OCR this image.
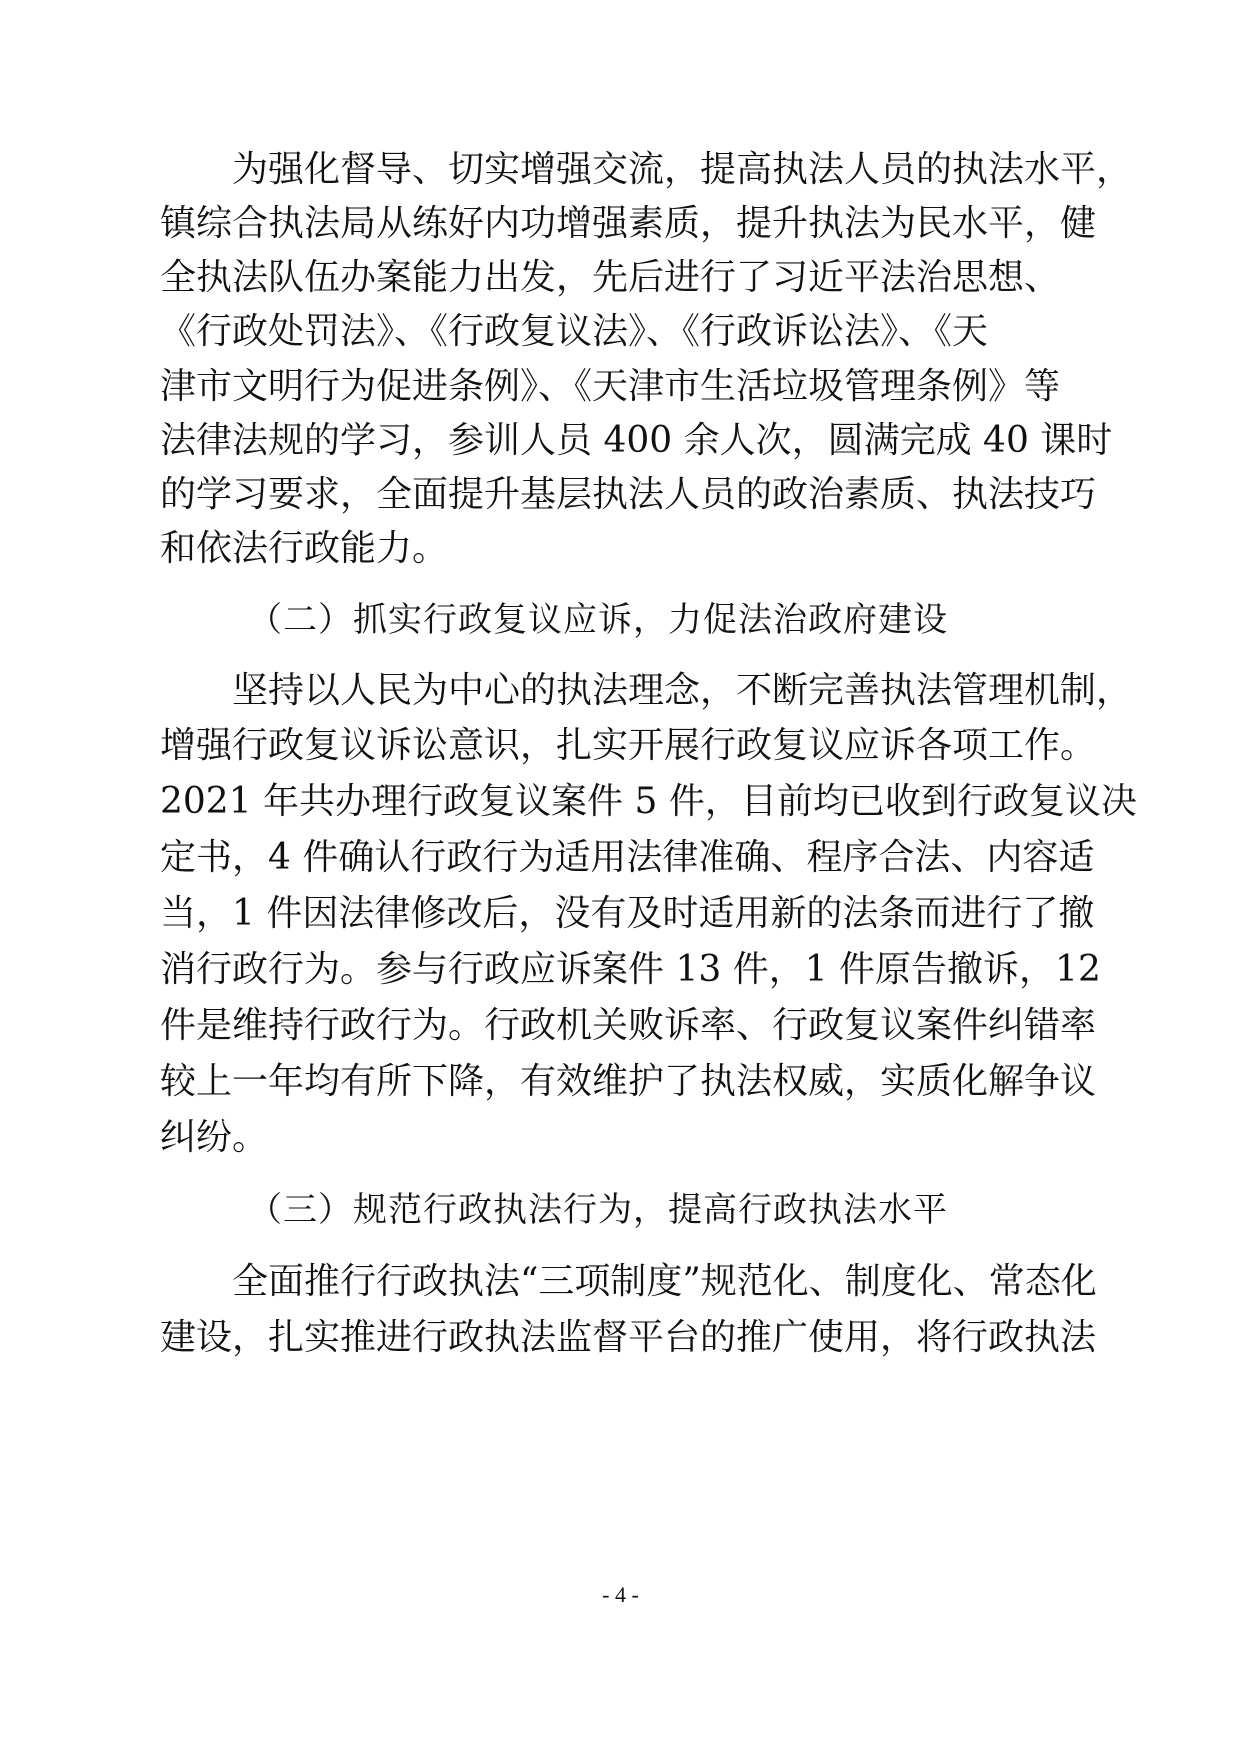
为强化督导、切实增强交流，提高执法人员的执法水平，
镇综合执法局从练好内功增强素质，提升执法为民水平，健
全执法队伍办案能力出发，先后进行了习近平法治思想、
《行政处罚法》、《行政复议法》、《行政诉讼法》、《天
津市文明行为促进条例》、《天津市生活垃圾管理条例》等
法律法规的学习，参训人员 400 余人次，圆满完成 40 课时
的学习要求，全面提升基层执法人员的政治素质、执法技巧
和依法行政能力。
（二）抓实行政复议应诉，力促法治政府建设
坚持以人民为中心的执法理念，不断完善执法管理机制，
增强行政复议诉讼意识，扎实开展行政复议应诉各项工作。
2021 年共办理行政复议案件 5 件，目前均已收到行政复议决
定书，4 件确认行政行为适用法律准确、程序合法、内容适
当，1 件因法律修改后，没有及时适用新的法条而进行了撤
消行政行为。参与行政应诉案件 13 件，1 件原告撤诉，12
件是维持行政行为。行政机关败诉率、行政复议案件纠错率
较上一年均有所下降，有效维护了执法权威，实质化解争议
纠纷。
（三）规范行政执法行为，提高行政执法水平
全面推行行政执法“三项制度”规范化、制度化、常态化
建设，扎实推进行政执法监督平台的推广使用，将行政执法
- 4 -
